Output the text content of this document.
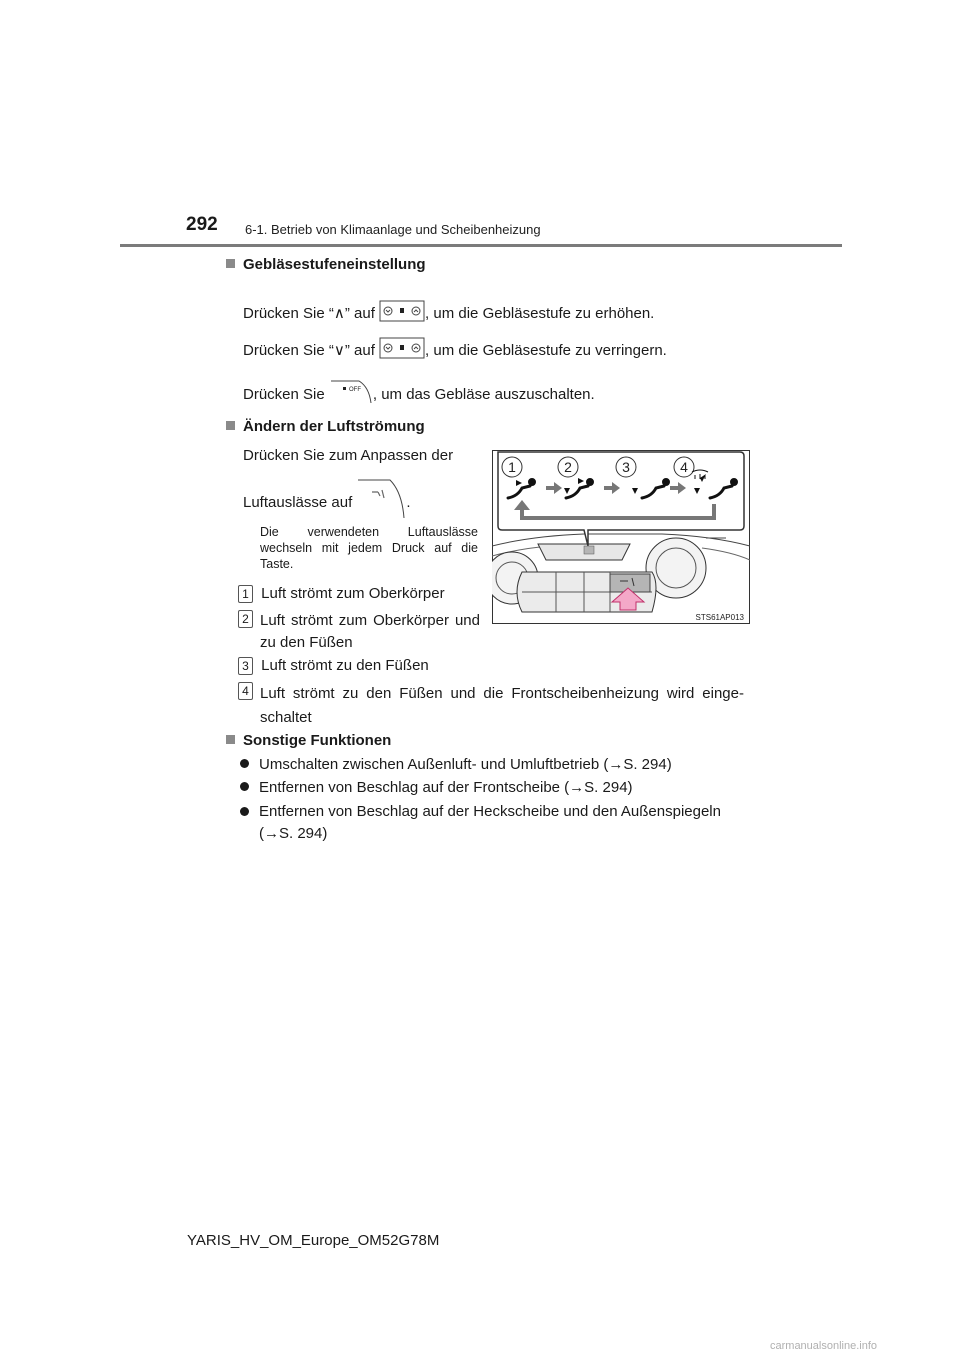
292 6-1. Betrieb von Klimaanlage und Scheibenheizung
Gebläsestufeneinstellung
Drücken Sie “∧” auf	, um die Gebläsestufe zu erhöhen.
Drücken Sie “∨” auf	, um die Gebläsestufe zu verringern.
Drücken Sie	OFF , um das Gebläse auszuschalten.
Ändern der Luftströmung
Drücken Sie zum Anpassen der
Luftauslässe auf	.
Die verwendeten Luftauslässe wechseln mit jedem Druck auf die Taste.
1	2	3	4
STS61AP013
1 Luft strömt zum Oberkörper
2 Luft strömt zum Oberkörper und zu den Füßen
3 Luft strömt zu den Füßen
4 Luft strömt zu den Füßen und die Frontscheibenheizung wird einge-schaltet
Sonstige Funktionen
Umschalten zwischen Außenluft- und Umluftbetrieb (→S. 294)
Entfernen von Beschlag auf der Frontscheibe (→S. 294)
Entfernen von Beschlag auf der Heckscheibe und den Außenspiegeln (→S. 294)
YARIS_HV_OM_Europe_OM52G78M
carmanualsonline.info
